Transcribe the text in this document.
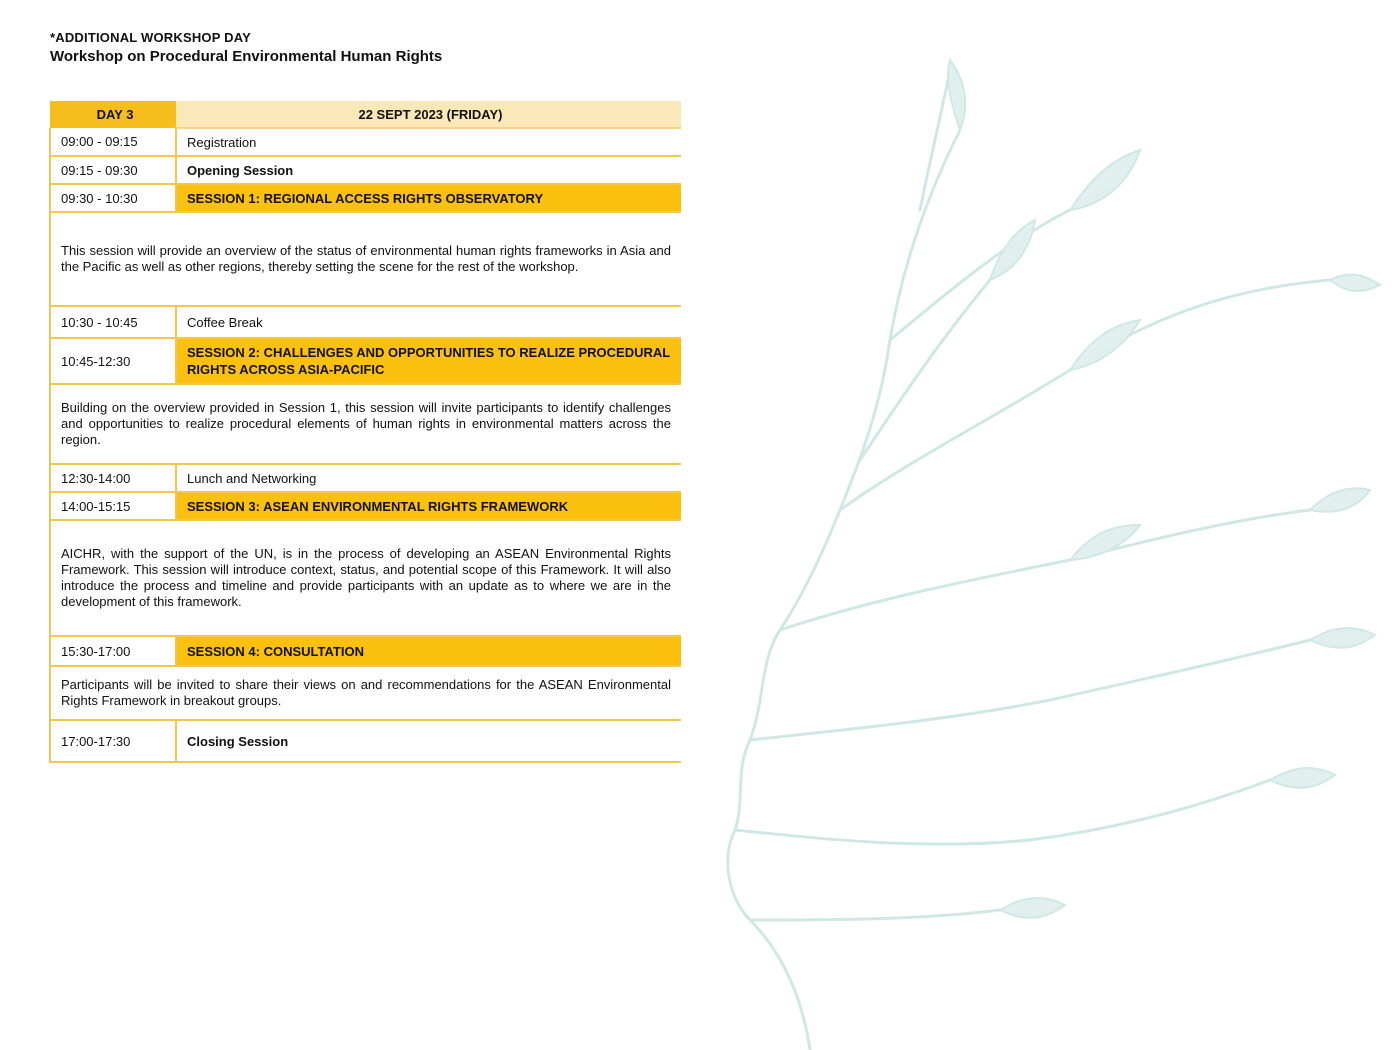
*ADDITIONAL WORKSHOP DAY
Workshop on Procedural Environmental Human Rights
DAY 3	22 SEPT 2023 (FRIDAY)
09:00 - 09:15	Registration
09:15 - 09:30	Opening Session
09:30 - 10:30	SESSION 1: REGIONAL ACCESS RIGHTS OBSERVATORY
This session will provide an overview of the status of environmental human rights frameworks in Asia and the Pacific as well as other regions, thereby setting the scene for the rest of the workshop.	
10:30 - 10:45	Coffee Break
10:45-12:30	SESSION 2: CHALLENGES AND OPPORTUNITIES TO REALIZE PROCEDURAL RIGHTS ACROSS ASIA-PACIFIC
Building on the overview provided in Session 1, this session will invite participants to identify challenges and opportunities to realize procedural elements of human rights in environmental matters across the region.	
12:30-14:00	Lunch and Networking
14:00-15:15	SESSION 3: ASEAN ENVIRONMENTAL RIGHTS FRAMEWORK
AICHR, with the support of the UN, is in the process of developing an ASEAN Environmental Rights Framework. This session will introduce context, status, and potential scope of this Framework. It will also introduce the process and timeline and provide participants with an update as to where we are in the development of this framework.	
15:30-17:00	SESSION 4: CONSULTATION
Participants will be invited to share their views on and recommendations for the ASEAN Environmental Rights Framework in breakout groups.	
17:00-17:30	Closing Session
